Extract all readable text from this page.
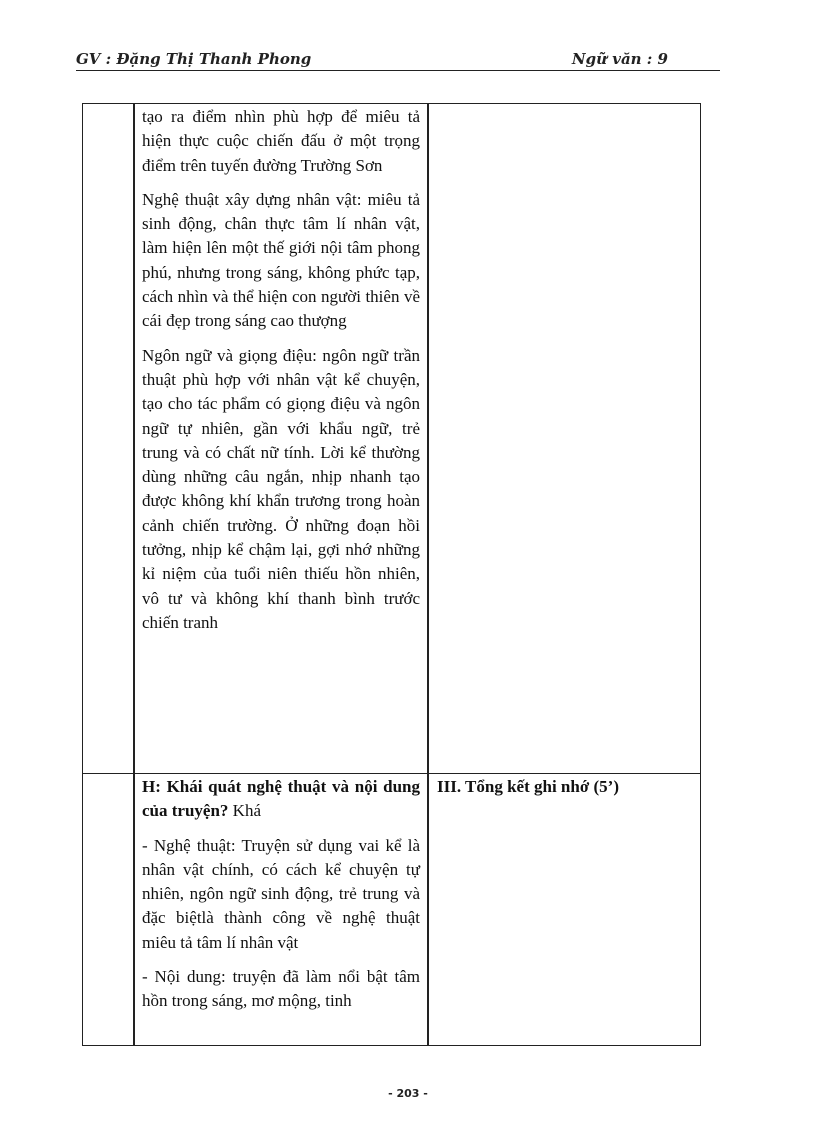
GV : Đặng Thị Thanh Phong	Ngữ văn : 9

	tạo ra điểm nhìn phù hợp để miêu tả hiện thực cuộc chiến đấu ở một trọng điểm trên tuyến đường Trường Sơn

Nghệ thuật xây dựng nhân vật: miêu tả sinh động, chân thực tâm lí nhân vật, làm hiện lên một thế giới nội tâm phong phú, nhưng trong sáng, không phức tạp, cách nhìn và thể hiện con người thiên về cái đẹp trong sáng cao thượng

Ngôn ngữ và giọng điệu: ngôn ngữ trần thuật phù hợp với nhân vật kể chuyện, tạo cho tác phẩm có giọng điệu và ngôn ngữ tự nhiên, gần với khẩu ngữ, trẻ trung và có chất nữ tính. Lời kể thường dùng những câu ngắn, nhịp nhanh tạo được không khí khẩn trương trong hoàn cảnh chiến trường. Ở những đoạn hồi tưởng, nhịp kể chậm lại, gợi nhớ những kỉ niệm của tuổi niên thiếu hồn nhiên, vô tư và không khí thanh bình trước chiến tranh	

	H: Khái quát nghệ thuật và nội dung của truyện? Khá

- Nghệ thuật: Truyện sử dụng vai kể là nhân vật chính, có cách kể chuyện tự nhiên, ngôn ngữ sinh động, trẻ trung và đặc biệtlà thành công về nghệ thuật miêu tả tâm lí nhân vật

- Nội dung: truyện đã làm nổi bật tâm hồn trong sáng, mơ mộng, tinh	III. Tổng kết ghi nhớ (5’)

- 203 -
